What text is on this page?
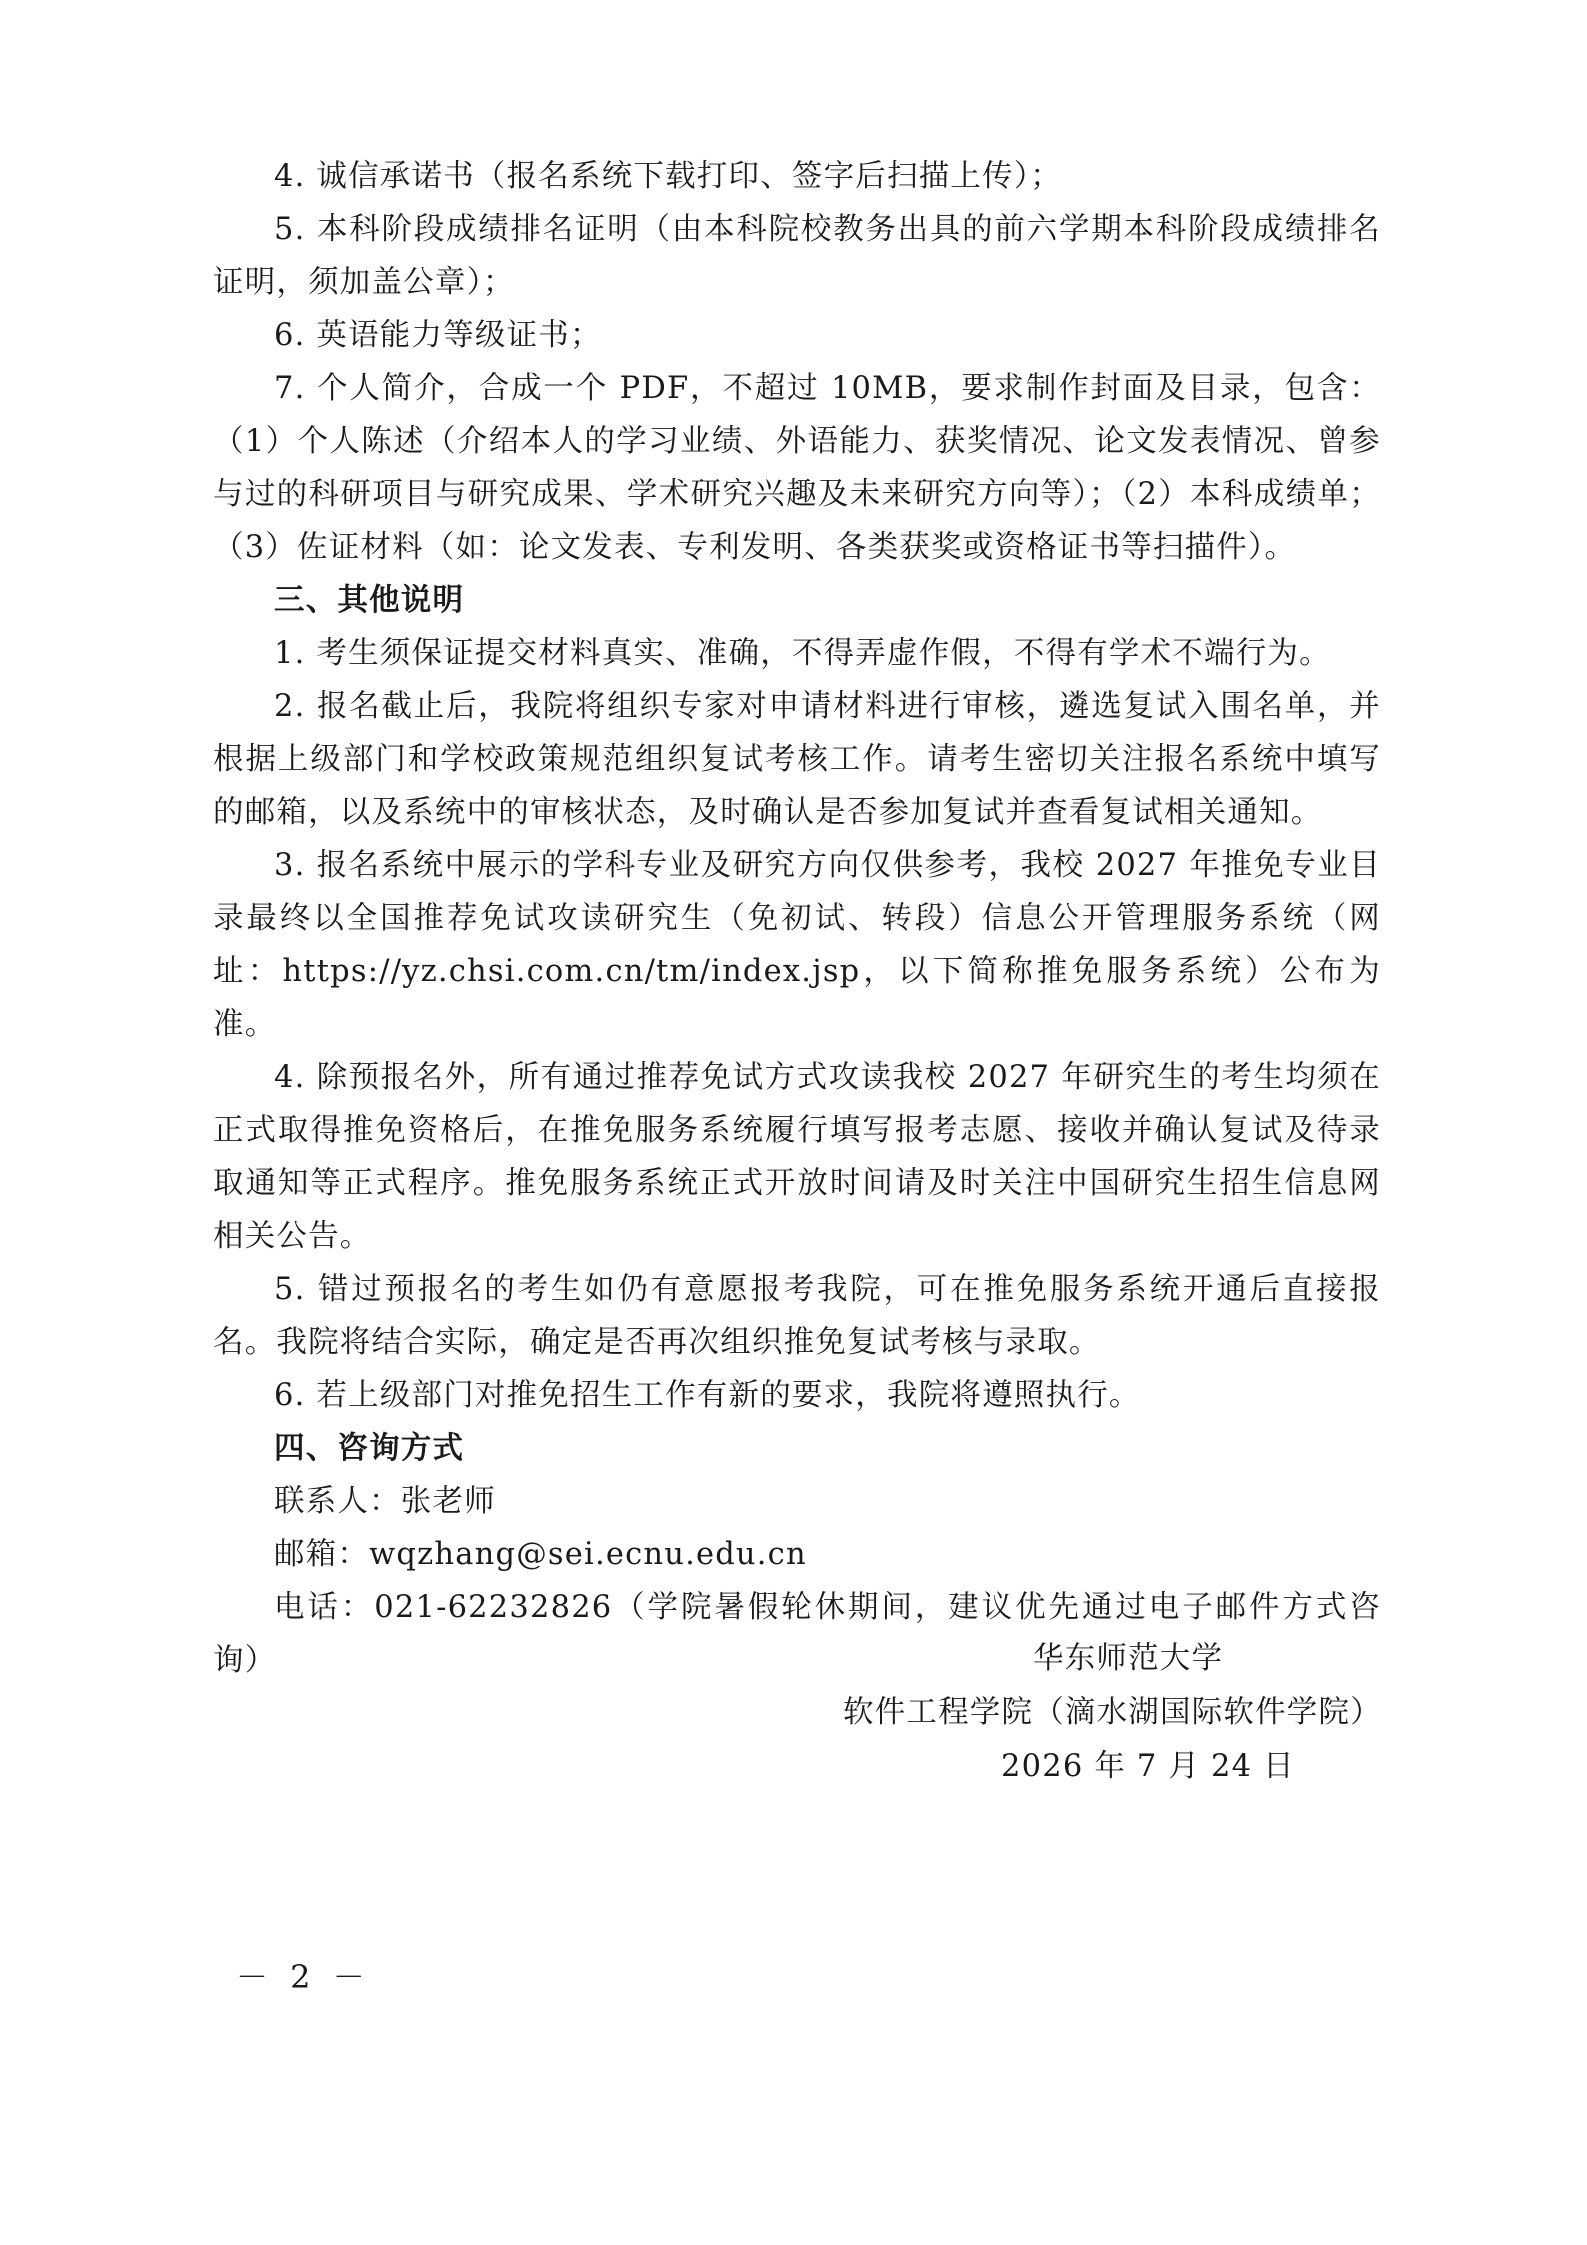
4. 诚信承诺书（报名系统下载打印、签字后扫描上传）；

5. 本科阶段成绩排名证明（由本科院校教务出具的前六学期本科阶段成绩排名证明，须加盖公章）；

6. 英语能力等级证书；

7. 个人简介，合成一个 PDF，不超过 10MB，要求制作封面及目录，包含：（1）个人陈述（介绍本人的学习业绩、外语能力、获奖情况、论文发表情况、曾参与过的科研项目与研究成果、学术研究兴趣及未来研究方向等）；（2）本科成绩单；（3）佐证材料（如：论文发表、专利发明、各类获奖或资格证书等扫描件）。

三、其他说明

1. 考生须保证提交材料真实、准确，不得弄虚作假，不得有学术不端行为。

2. 报名截止后，我院将组织专家对申请材料进行审核，遴选复试入围名单，并根据上级部门和学校政策规范组织复试考核工作。请考生密切关注报名系统中填写的邮箱，以及系统中的审核状态，及时确认是否参加复试并查看复试相关通知。

3. 报名系统中展示的学科专业及研究方向仅供参考，我校 2027 年推免专业目录最终以全国推荐免试攻读研究生（免初试、转段）信息公开管理服务系统（网址：https://yz.chsi.com.cn/tm/index.jsp，以下简称推免服务系统）公布为准。

4. 除预报名外，所有通过推荐免试方式攻读我校 2027 年研究生的考生均须在正式取得推免资格后，在推免服务系统履行填写报考志愿、接收并确认复试及待录取通知等正式程序。推免服务系统正式开放时间请及时关注中国研究生招生信息网相关公告。

5. 错过预报名的考生如仍有意愿报考我院，可在推免服务系统开通后直接报名。我院将结合实际，确定是否再次组织推免复试考核与录取。

6. 若上级部门对推免招生工作有新的要求，我院将遵照执行。

四、咨询方式

联系人：张老师

邮箱：wqzhang@sei.ecnu.edu.cn

电话：021-62232826（学院暑假轮休期间，建议优先通过电子邮件方式咨询）	华东师范大学
软件工程学院（滴水湖国际软件学院）
2026 年 7 月 24 日
－ 2 －
